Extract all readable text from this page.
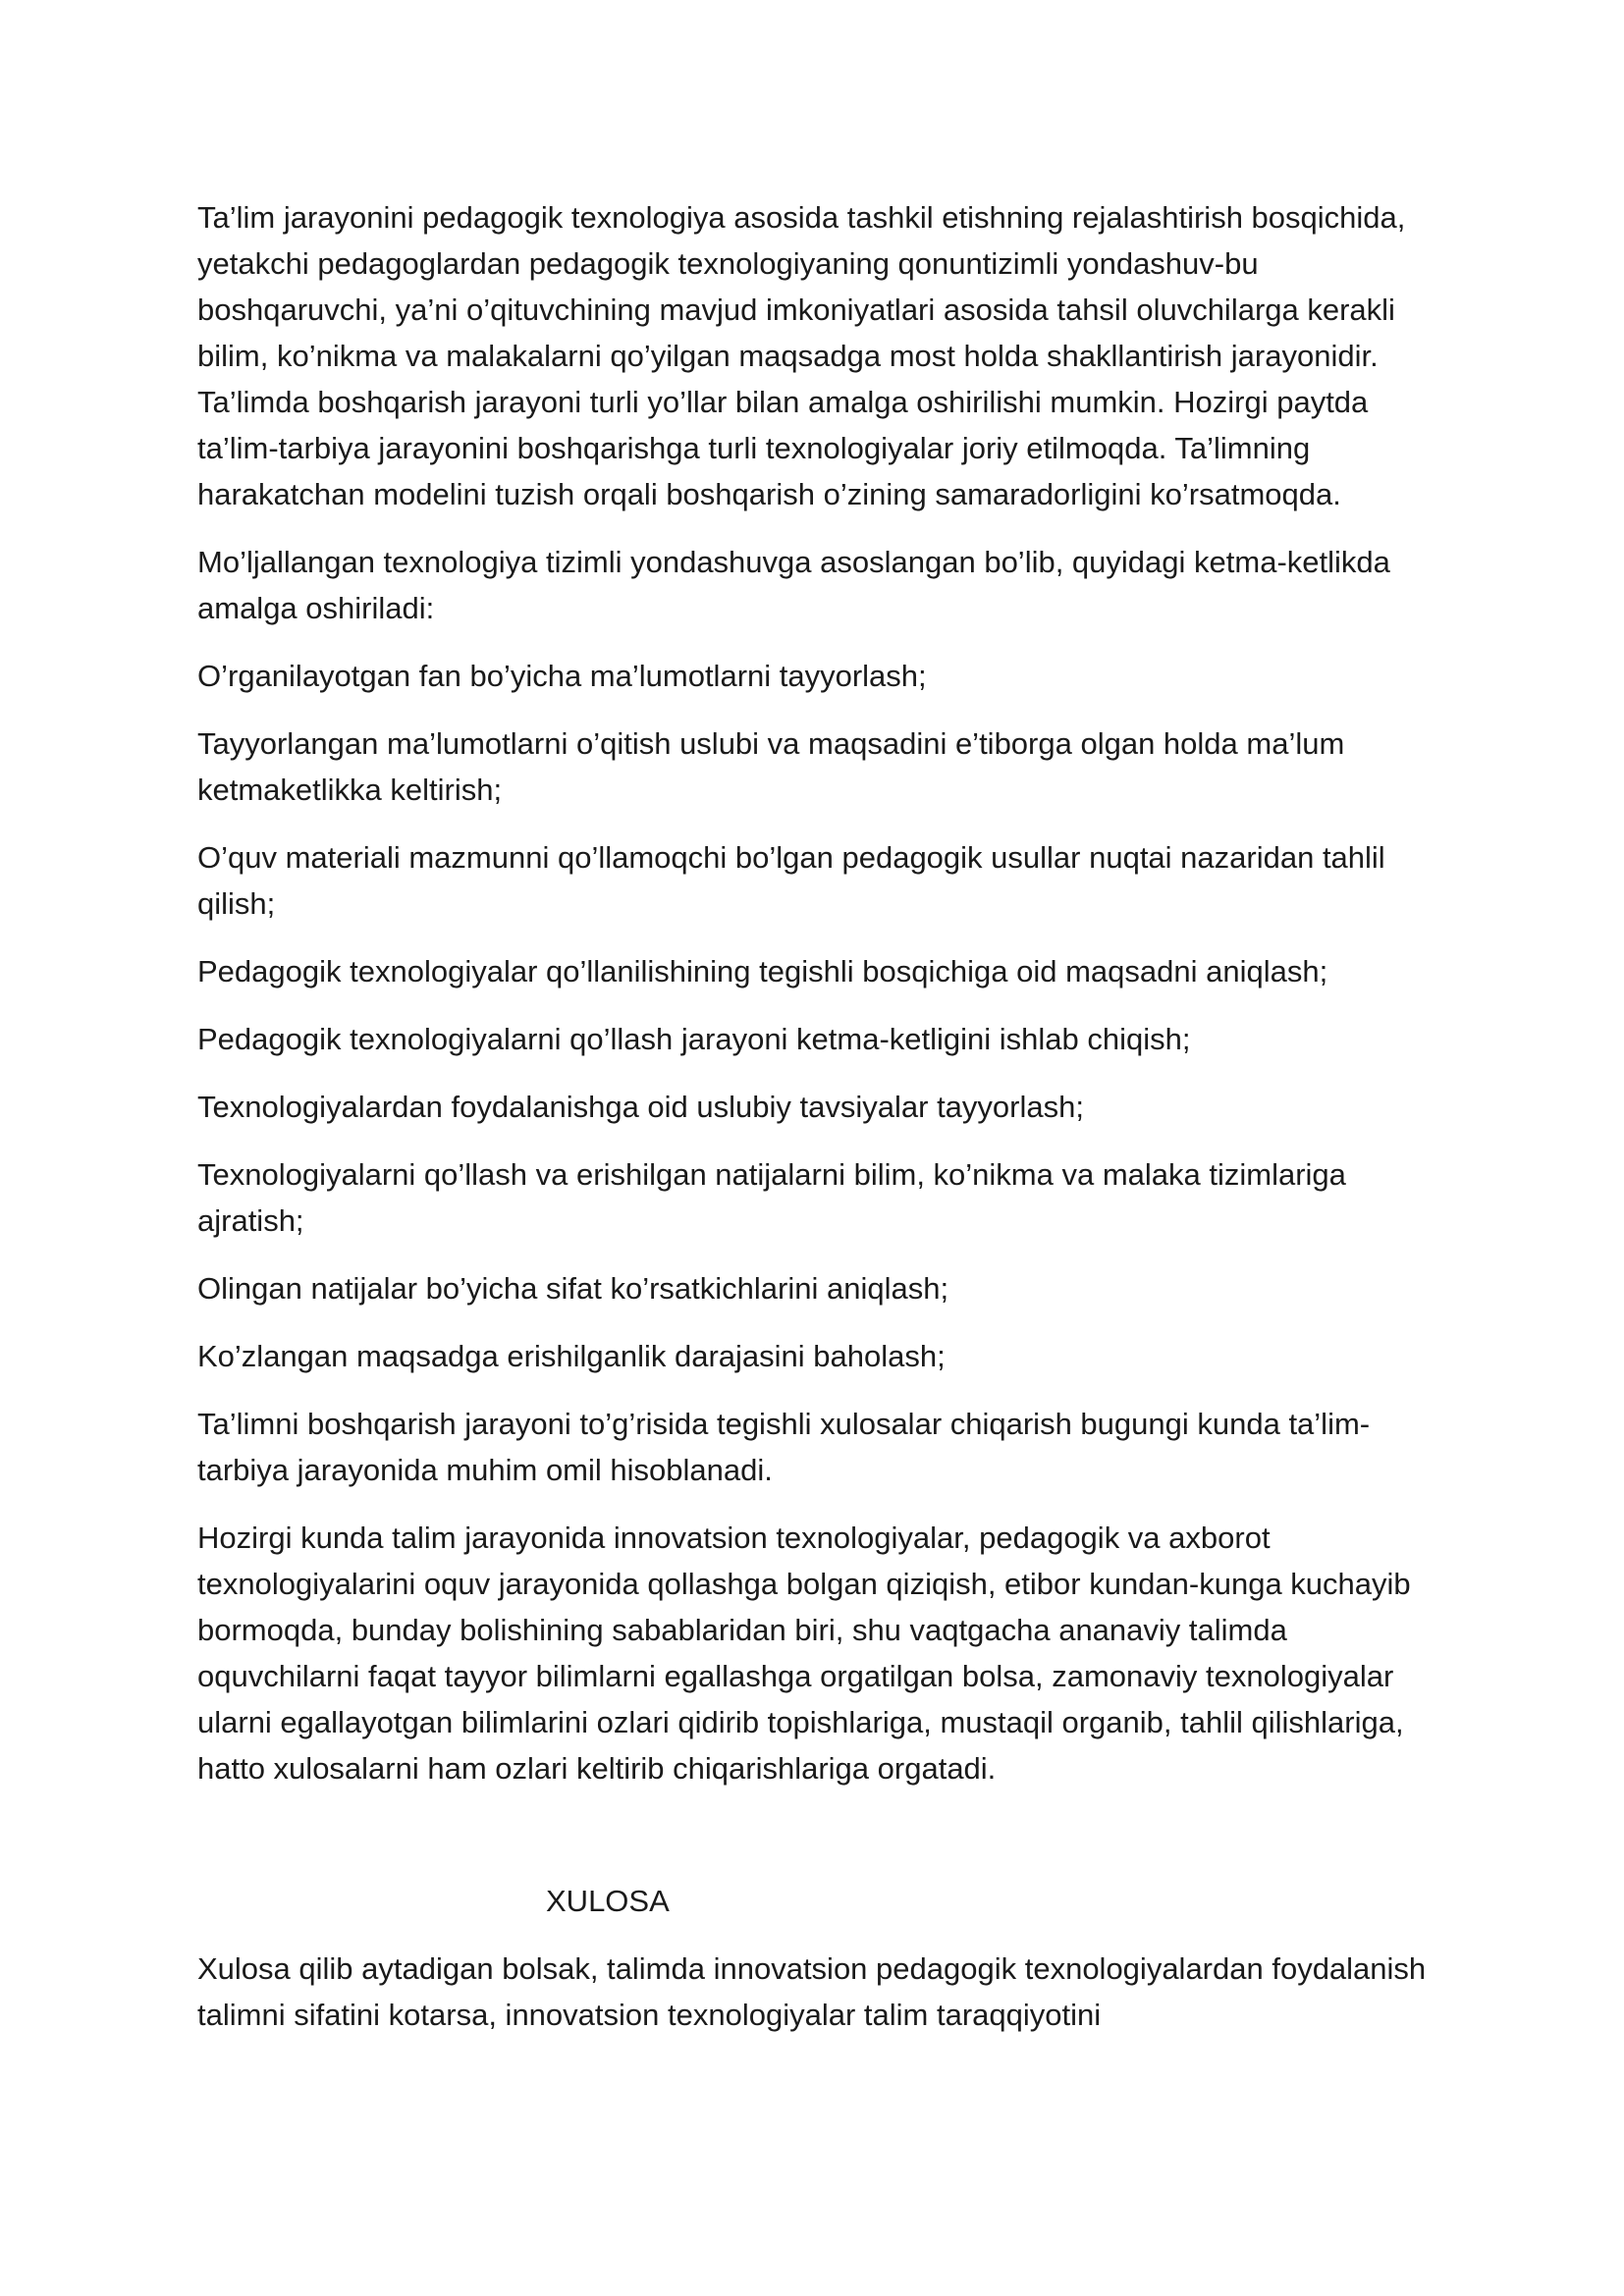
Ta’lim jarayonini pedagogik texnologiya asosida tashkil etishning rejalashtirish bosqichida, yetakchi pedagoglardan pedagogik texnologiyaning qonuntizimli yondashuv-bu boshqaruvchi, ya’ni o’qituvchining mavjud imkoniyatlari asosida tahsil oluvchilarga kerakli bilim, ko’nikma va malakalarni qo’yilgan maqsadga most holda shakllantirish jarayonidir. Ta’limda boshqarish jarayoni turli yo’llar bilan amalga oshirilishi mumkin. Hozirgi paytda ta’lim-tarbiya jarayonini boshqarishga turli texnologiyalar joriy etilmoqda. Ta’limning harakatchan modelini tuzish orqali boshqarish o’zining samaradorligini ko’rsatmoqda.

Mo’ljallangan texnologiya tizimli yondashuvga asoslangan bo’lib, quyidagi ketma-ketlikda amalga oshiriladi:

O’rganilayotgan fan bo’yicha ma’lumotlarni tayyorlash;

Tayyorlangan ma’lumotlarni o’qitish uslubi va maqsadini e’tiborga olgan holda ma’lum ketmaketlikka keltirish;

O’quv materiali mazmunni qo’llamoqchi bo’lgan pedagogik usullar nuqtai nazaridan tahlil qilish;

Pedagogik texnologiyalar qo’llanilishining tegishli bosqichiga oid maqsadni aniqlash;

Pedagogik texnologiyalarni qo’llash jarayoni ketma-ketligini ishlab chiqish;

Texnologiyalardan foydalanishga oid uslubiy tavsiyalar tayyorlash;

Texnologiyalarni qo’llash va erishilgan natijalarni bilim, ko’nikma va malaka tizimlariga ajratish;

Olingan natijalar bo’yicha sifat ko’rsatkichlarini aniqlash;

Ko’zlangan maqsadga erishilganlik darajasini baholash;

Ta’limni boshqarish jarayoni to’g’risida tegishli xulosalar chiqarish bugungi kunda ta’lim-tarbiya jarayonida muhim omil hisoblanadi.

Hozirgi kunda talim jarayonida innovatsion texnologiyalar, pedagogik va axborot texnologiyalarini oquv jarayonida qollashga bolgan qiziqish, etibor kundan-kunga kuchayib bormoqda, bunday bolishining sabablaridan biri, shu vaqtgacha ananaviy talimda oquvchilarni faqat tayyor bilimlarni egallashga orgatilgan bolsa, zamonaviy texnologiyalar ularni egallayotgan bilimlarini ozlari qidirib topishlariga, mustaqil organib, tahlil qilishlariga, hatto xulosalarni ham ozlari keltirib chiqarishlariga orgatadi.

XULOSA

Xulosa qilib aytadigan bolsak, talimda innovatsion pedagogik texnologiyalardan foydalanish talimni sifatini kotarsa, innovatsion texnologiyalar talim taraqqiyotini
